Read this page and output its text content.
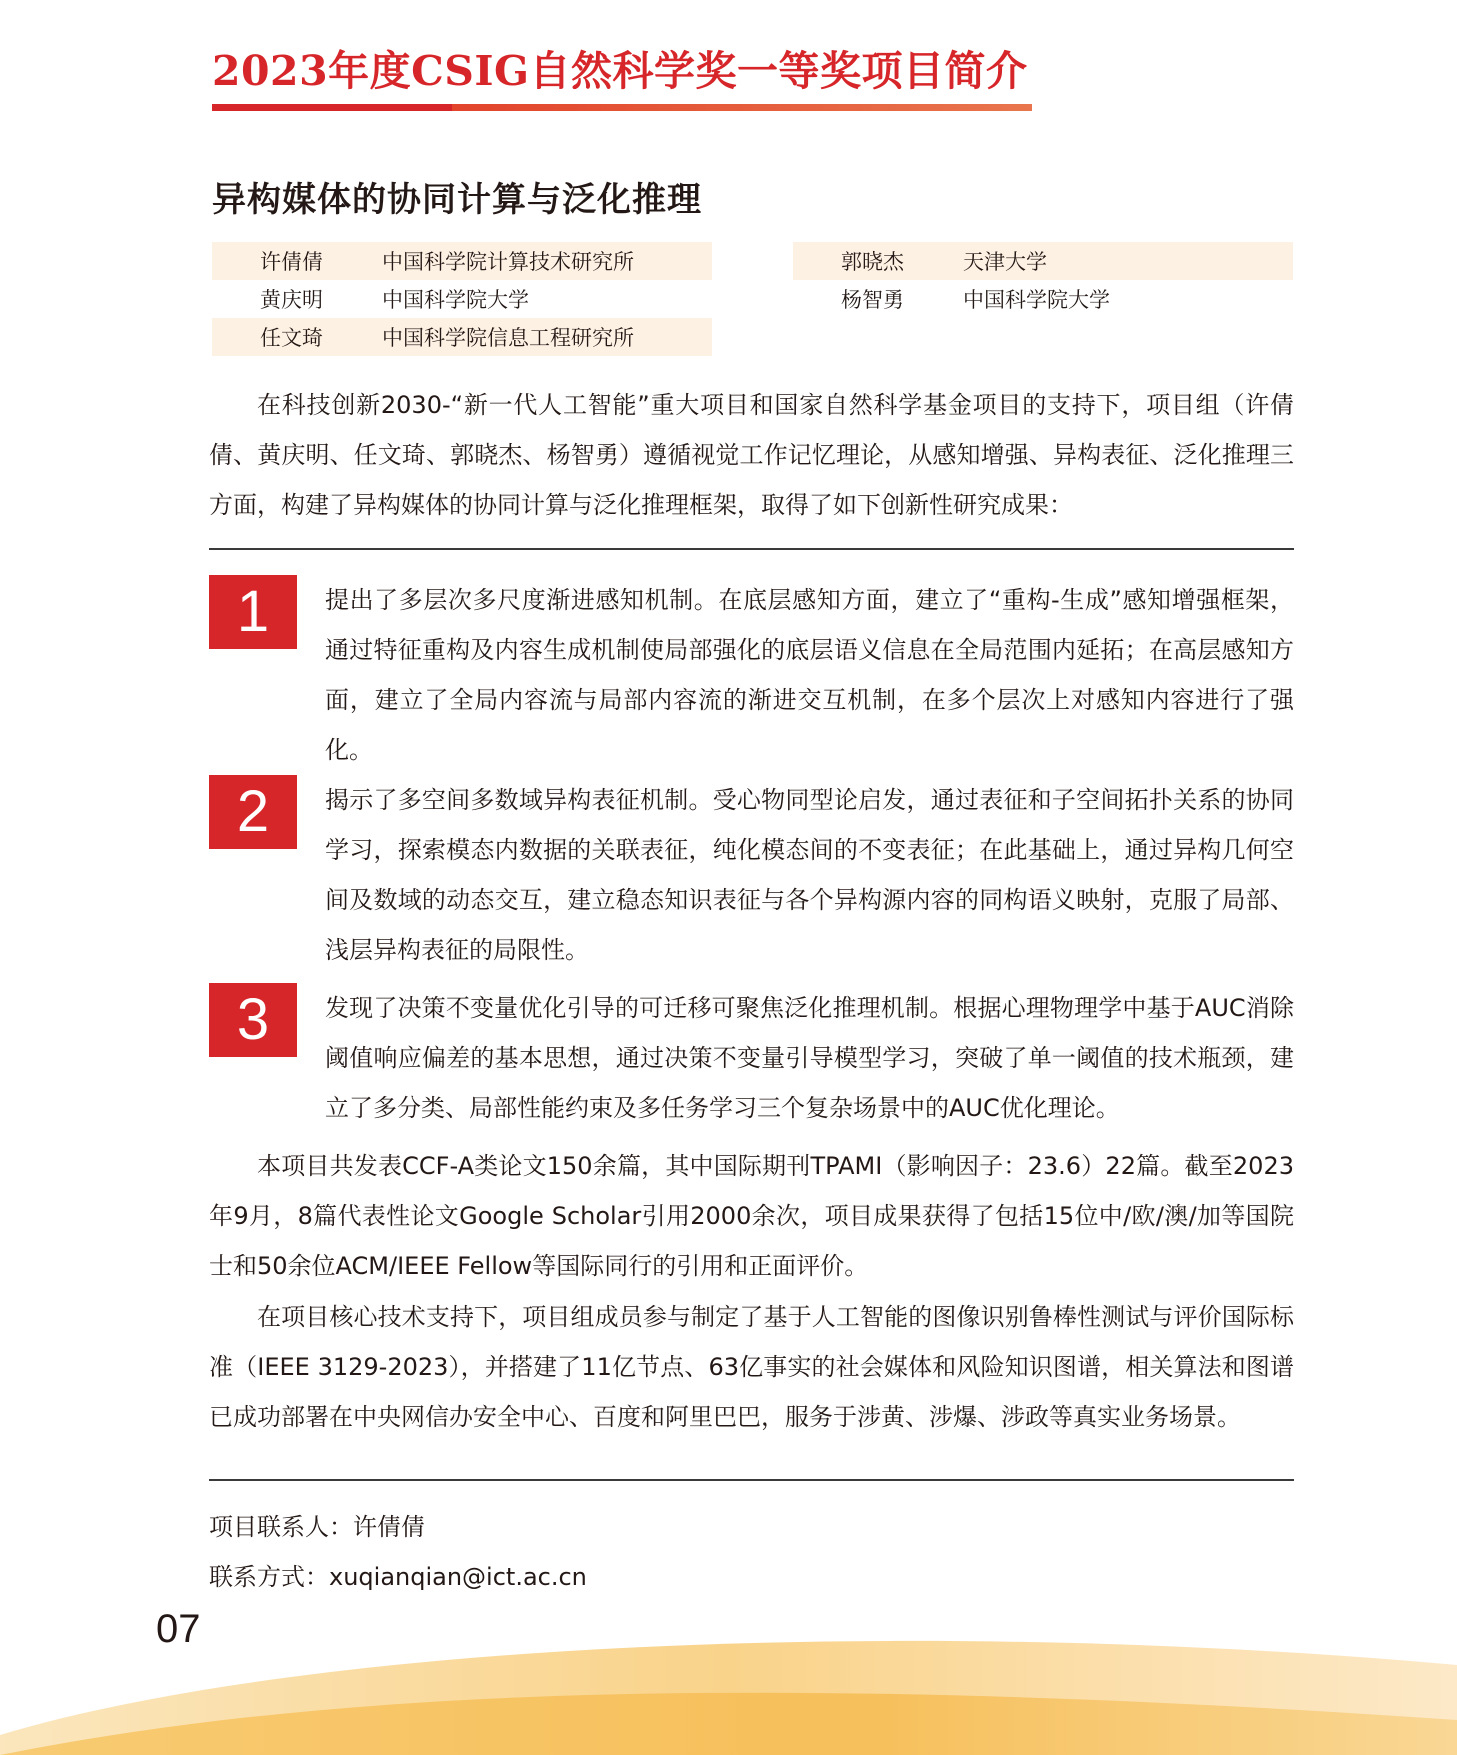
2023年度CSIG自然科学奖一等奖项目简介
异构媒体的协同计算与泛化推理
许倩倩	中国科学院计算技术研究所
黄庆明	中国科学院大学
任文琦	中国科学院信息工程研究所
郭晓杰	天津大学
杨智勇	中国科学院大学

在科技创新2030-“新一代人工智能”重大项目和国家自然科学基金项目的支持下，项目组（许倩倩、黄庆明、任文琦、郭晓杰、杨智勇）遵循视觉工作记忆理论，从感知增强、异构表征、泛化推理三方面，构建了异构媒体的协同计算与泛化推理框架，取得了如下创新性研究成果：

1	提出了多层次多尺度渐进感知机制。在底层感知方面，建立了“重构-生成”感知增强框架，通过特征重构及内容生成机制使局部强化的底层语义信息在全局范围内延拓；在高层感知方面，建立了全局内容流与局部内容流的渐进交互机制，在多个层次上对感知内容进行了强化。

2	揭示了多空间多数域异构表征机制。受心物同型论启发，通过表征和子空间拓扑关系的协同学习，探索模态内数据的关联表征，纯化模态间的不变表征；在此基础上，通过异构几何空间及数域的动态交互，建立稳态知识表征与各个异构源内容的同构语义映射，克服了局部、浅层异构表征的局限性。

3	发现了决策不变量优化引导的可迁移可聚焦泛化推理机制。根据心理物理学中基于AUC消除阈值响应偏差的基本思想，通过决策不变量引导模型学习，突破了单一阈值的技术瓶颈，建立了多分类、局部性能约束及多任务学习三个复杂场景中的AUC优化理论。

本项目共发表CCF-A类论文150余篇，其中国际期刊TPAMI（影响因子：23.6）22篇。截至2023年9月，8篇代表性论文Google Scholar引用2000余次，项目成果获得了包括15位中/欧/澳/加等国院士和50余位ACM/IEEE Fellow等国际同行的引用和正面评价。

在项目核心技术支持下，项目组成员参与制定了基于人工智能的图像识别鲁棒性测试与评价国际标准（IEEE 3129-2023），并搭建了11亿节点、63亿事实的社会媒体和风险知识图谱，相关算法和图谱已成功部署在中央网信办安全中心、百度和阿里巴巴，服务于涉黄、涉爆、涉政等真实业务场景。

项目联系人：许倩倩

联系方式：xuqianqian@ict.ac.cn

07
